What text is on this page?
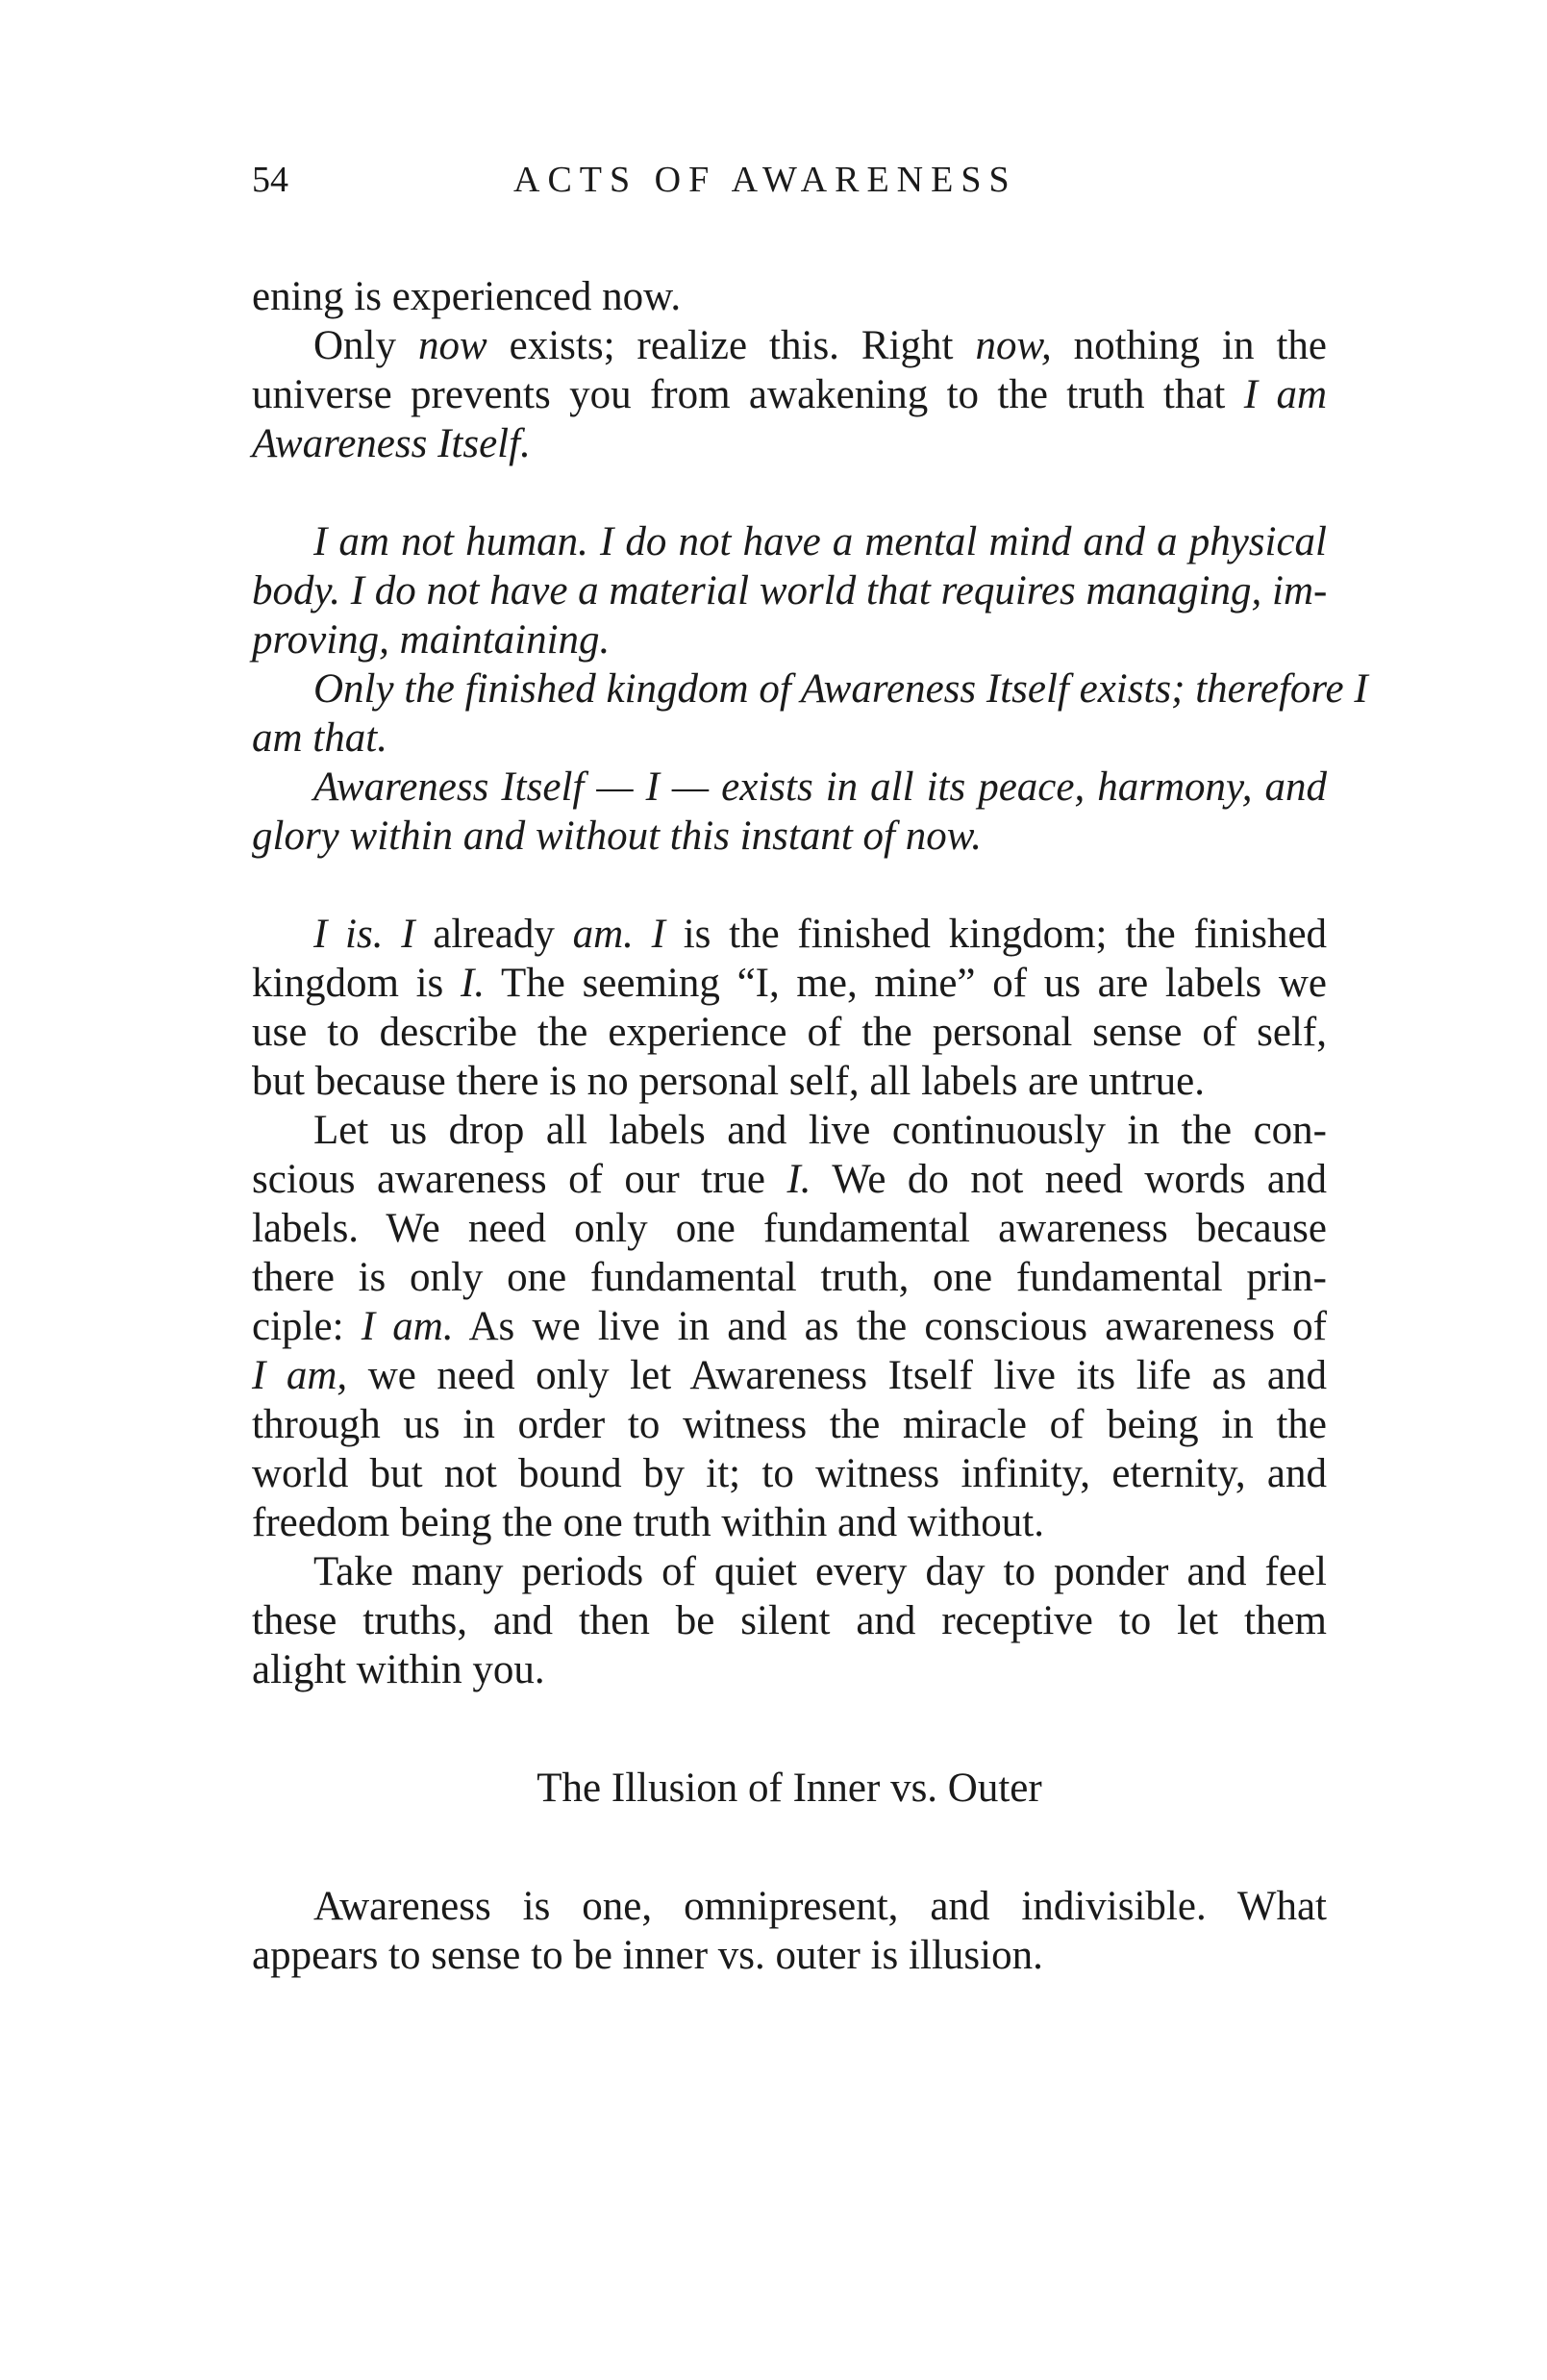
54	ACTS OF AWARENESS
ening is experienced now.
Only now exists; realize this. Right now, nothing in the
universe prevents you from awakening to the truth that I am
Awareness Itself.
I am not human. I do not have a mental mind and a physical
body. I do not have a material world that requires managing, im-
proving, maintaining.
Only the finished kingdom of Awareness Itself exists; therefore I
am that.
Awareness Itself — I — exists in all its peace, harmony, and
glory within and without this instant of now.
I is. I already am. I is the finished kingdom; the finished
kingdom is I. The seeming “I, me, mine” of us are labels we
use to describe the experience of the personal sense of self,
but because there is no personal self, all labels are untrue.
Let us drop all labels and live continuously in the con-
scious awareness of our true I. We do not need words and
labels. We need only one fundamental awareness because
there is only one fundamental truth, one fundamental prin-
ciple: I am. As we live in and as the conscious awareness of
I am, we need only let Awareness Itself live its life as and
through us in order to witness the miracle of being in the
world but not bound by it; to witness infinity, eternity, and
freedom being the one truth within and without.
Take many periods of quiet every day to ponder and feel
these truths, and then be silent and receptive to let them
alight within you.

The Illusion of Inner vs. Outer

Awareness is one, omnipresent, and indivisible. What
appears to sense to be inner vs. outer is illusion.
